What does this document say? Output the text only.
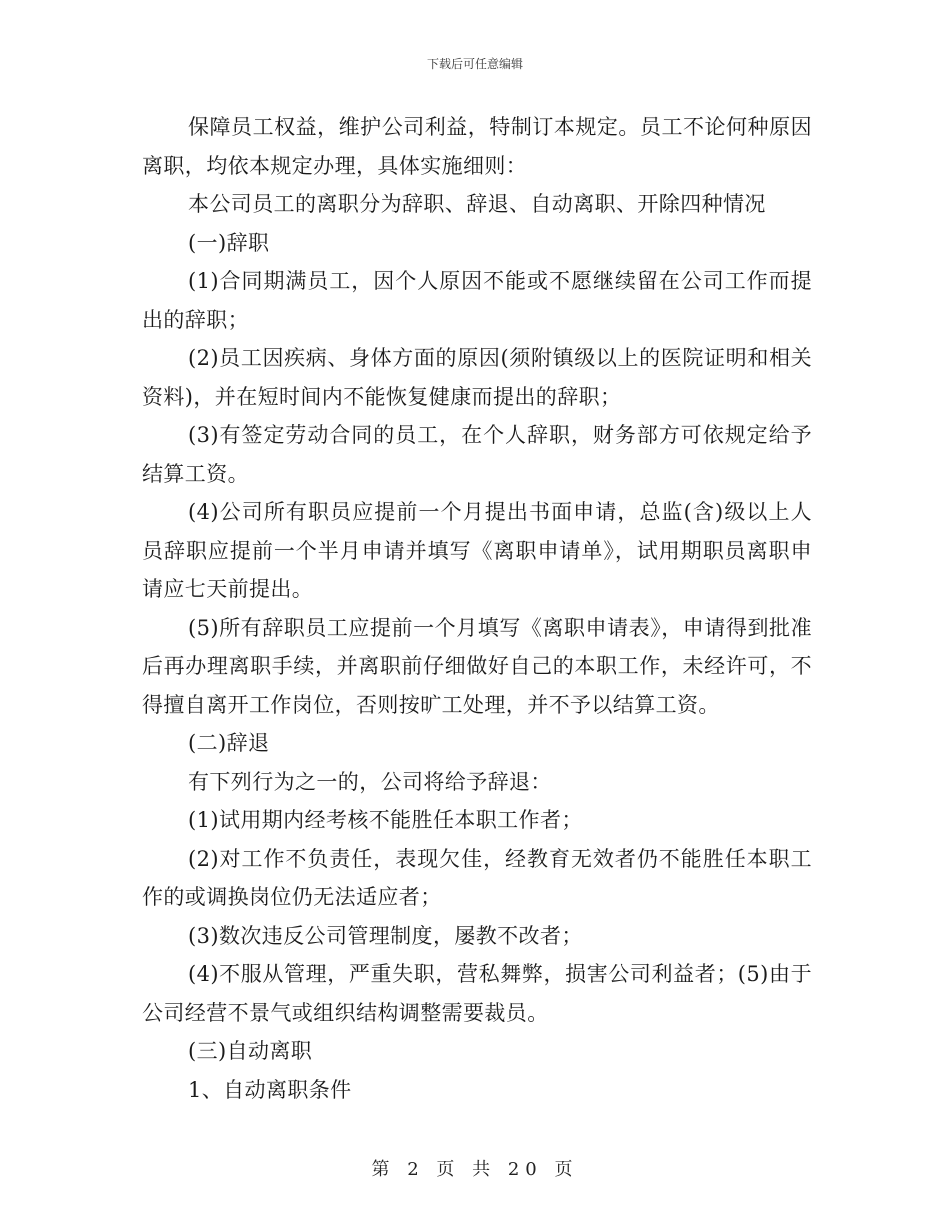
下载后可任意编辑

保障员工权益，维护公司利益，特制订本规定。员工不论何种原因离职，均依本规定办理，具体实施细则：

本公司员工的离职分为辞职、辞退、自动离职、开除四种情况

(一)辞职

(1)合同期满员工，因个人原因不能或不愿继续留在公司工作而提出的辞职；

(2)员工因疾病、身体方面的原因(须附镇级以上的医院证明和相关资料)，并在短时间内不能恢复健康而提出的辞职；

(3)有签定劳动合同的员工，在个人辞职，财务部方可依规定给予结算工资。

(4)公司所有职员应提前一个月提出书面申请，总监(含)级以上人员辞职应提前一个半月申请并填写《离职申请单》，试用期职员离职申请应七天前提出。

(5)所有辞职员工应提前一个月填写《离职申请表》，申请得到批准后再办理离职手续，并离职前仔细做好自己的本职工作，未经许可，不得擅自离开工作岗位，否则按旷工处理，并不予以结算工资。

(二)辞退

有下列行为之一的，公司将给予辞退：

(1)试用期内经考核不能胜任本职工作者；

(2)对工作不负责任，表现欠佳，经教育无效者仍不能胜任本职工作的或调换岗位仍无法适应者；

(3)数次违反公司管理制度，屡教不改者；

(4)不服从管理，严重失职，营私舞弊，损害公司利益者；(5)由于公司经营不景气或组织结构调整需要裁员。

(三)自动离职

1、自动离职条件

第 2 页 共 20 页
